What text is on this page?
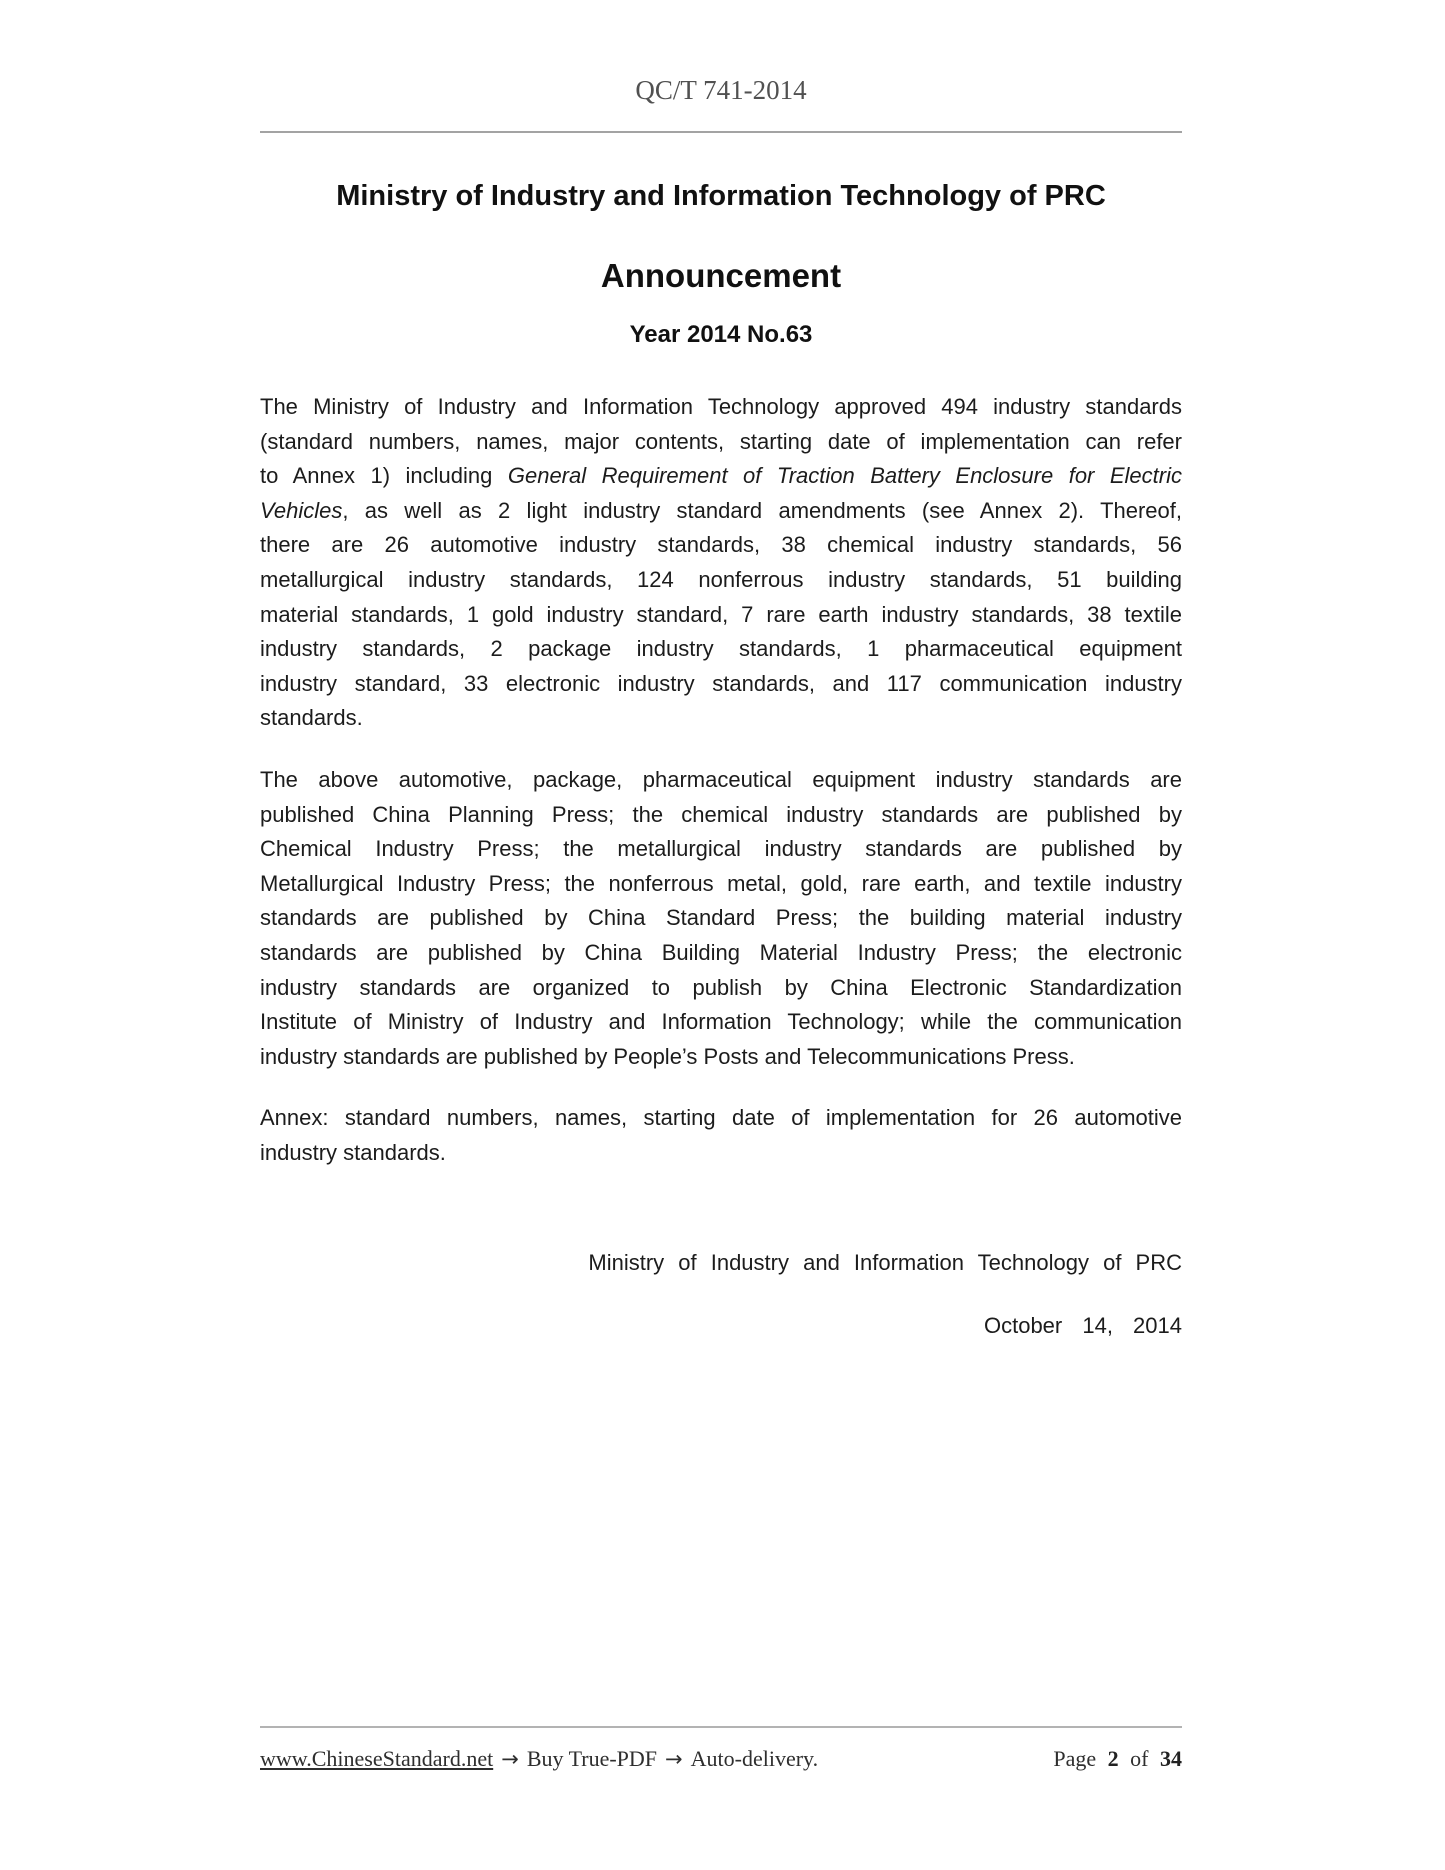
QC/T 741-2014
Ministry of Industry and Information Technology of PRC
Announcement
Year 2014 No.63
The Ministry of Industry and Information Technology approved 494 industry standards
(standard numbers, names, major contents, starting date of implementation can refer
to Annex 1) including General Requirement of Traction Battery Enclosure for Electric
Vehicles, as well as 2 light industry standard amendments (see Annex 2). Thereof,
there are 26 automotive industry standards, 38 chemical industry standards, 56
metallurgical industry standards, 124 nonferrous industry standards, 51 building
material standards, 1 gold industry standard, 7 rare earth industry standards, 38 textile
industry standards, 2 package industry standards, 1 pharmaceutical equipment
industry standard, 33 electronic industry standards, and 117 communication industry
standards.
The above automotive, package, pharmaceutical equipment industry standards are
published China Planning Press; the chemical industry standards are published by
Chemical Industry Press; the metallurgical industry standards are published by
Metallurgical Industry Press; the nonferrous metal, gold, rare earth, and textile industry
standards are published by China Standard Press; the building material industry
standards are published by China Building Material Industry Press; the electronic
industry standards are organized to publish by China Electronic Standardization
Institute of Ministry of Industry and Information Technology; while the communication
industry standards are published by People’s Posts and Telecommunications Press.
Annex: standard numbers, names, starting date of implementation for 26 automotive
industry standards.
Ministry of Industry and Information Technology of PRC
October 14, 2014
www.ChineseStandard.net → Buy True-PDF → Auto-delivery.	Page 2 of 34
